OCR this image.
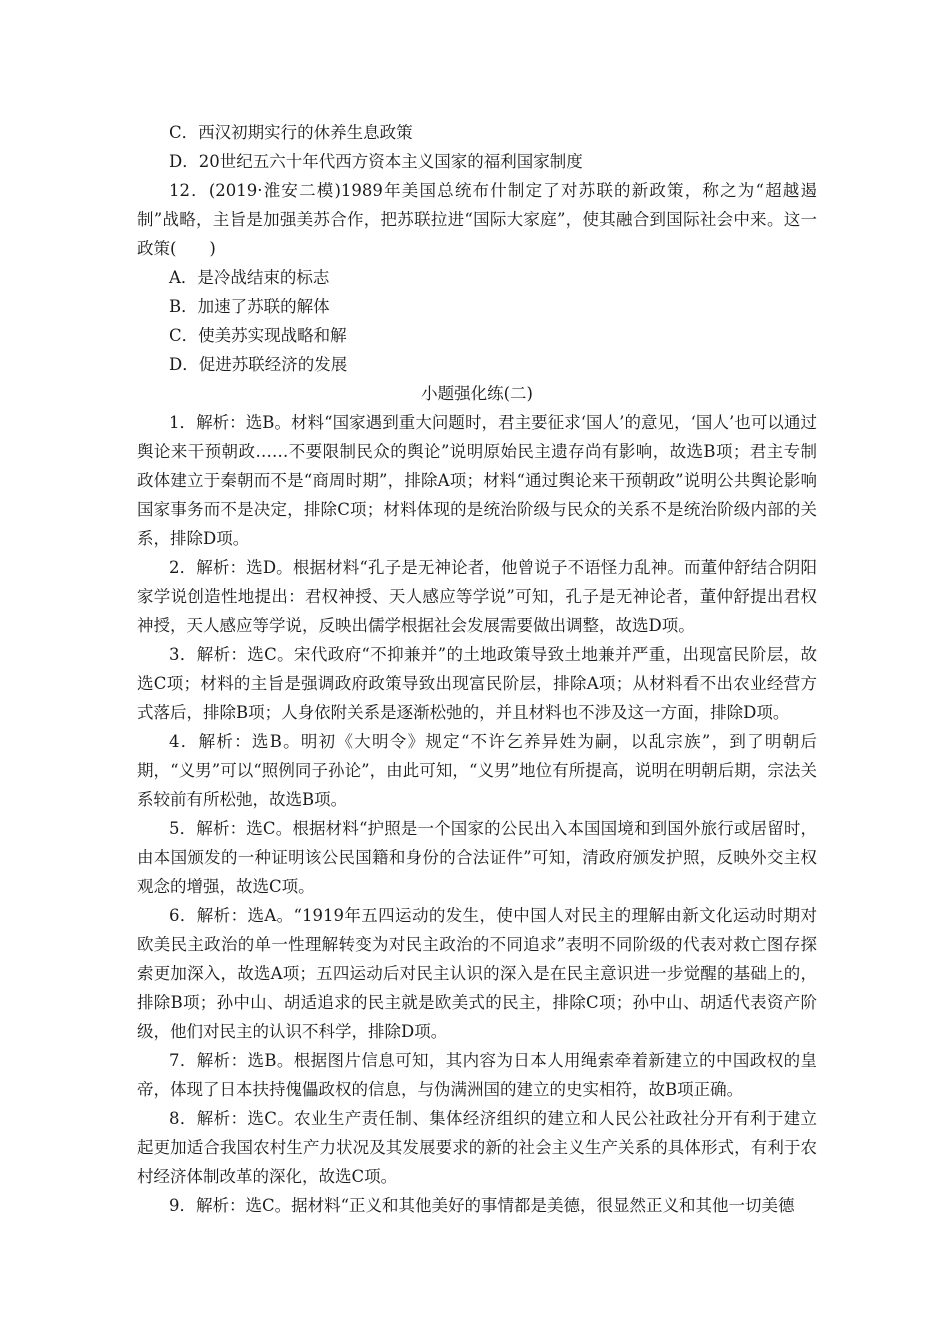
C．西汉初期实行的休养生息政策

D．20世纪五六十年代西方资本主义国家的福利国家制度

12．(2019·淮安二模)1989年美国总统布什制定了对苏联的新政策，称之为“超越遏制”战略，主旨是加强美苏合作，把苏联拉进“国际大家庭”，使其融合到国际社会中来。这一政策(　　)

A．是冷战结束的标志

B．加速了苏联的解体

C．使美苏实现战略和解

D．促进苏联经济的发展

小题强化练(二)

1．解析：选B。材料“国家遇到重大问题时，君主要征求‘国人’的意见，‘国人’也可以通过舆论来干预朝政……不要限制民众的舆论”说明原始民主遗存尚有影响，故选B项；君主专制政体建立于秦朝而不是“商周时期”，排除A项；材料“通过舆论来干预朝政”说明公共舆论影响国家事务而不是决定，排除C项；材料体现的是统治阶级与民众的关系不是统治阶级内部的关系，排除D项。

2．解析：选D。根据材料“孔子是无神论者，他曾说子不语怪力乱神。而董仲舒结合阴阳家学说创造性地提出：君权神授、天人感应等学说”可知，孔子是无神论者，董仲舒提出君权神授，天人感应等学说，反映出儒学根据社会发展需要做出调整，故选D项。

3．解析：选C。宋代政府“不抑兼并”的土地政策导致土地兼并严重，出现富民阶层，故选C项；材料的主旨是强调政府政策导致出现富民阶层，排除A项；从材料看不出农业经营方式落后，排除B项；人身依附关系是逐渐松弛的，并且材料也不涉及这一方面，排除D项。

4．解析：选B。明初《大明令》规定“不许乞养异姓为嗣，以乱宗族”，到了明朝后期，“义男”可以“照例同子孙论”，由此可知，“义男”地位有所提高，说明在明朝后期，宗法关系较前有所松弛，故选B项。

5．解析：选C。根据材料“护照是一个国家的公民出入本国国境和到国外旅行或居留时，由本国颁发的一种证明该公民国籍和身份的合法证件”可知，清政府颁发护照，反映外交主权观念的增强，故选C项。

6．解析：选A。“1919年五四运动的发生，使中国人对民主的理解由新文化运动时期对欧美民主政治的单一性理解转变为对民主政治的不同追求”表明不同阶级的代表对救亡图存探索更加深入，故选A项；五四运动后对民主认识的深入是在民主意识进一步觉醒的基础上的，排除B项；孙中山、胡适追求的民主就是欧美式的民主，排除C项；孙中山、胡适代表资产阶级，他们对民主的认识不科学，排除D项。

7．解析：选B。根据图片信息可知，其内容为日本人用绳索牵着新建立的中国政权的皇帝，体现了日本扶持傀儡政权的信息，与伪满洲国的建立的史实相符，故B项正确。

8．解析：选C。农业生产责任制、集体经济组织的建立和人民公社政社分开有利于建立起更加适合我国农村生产力状况及其发展要求的新的社会主义生产关系的具体形式，有利于农村经济体制改革的深化，故选C项。

9．解析：选C。据材料“正义和其他美好的事情都是美德，很显然正义和其他一切美德
